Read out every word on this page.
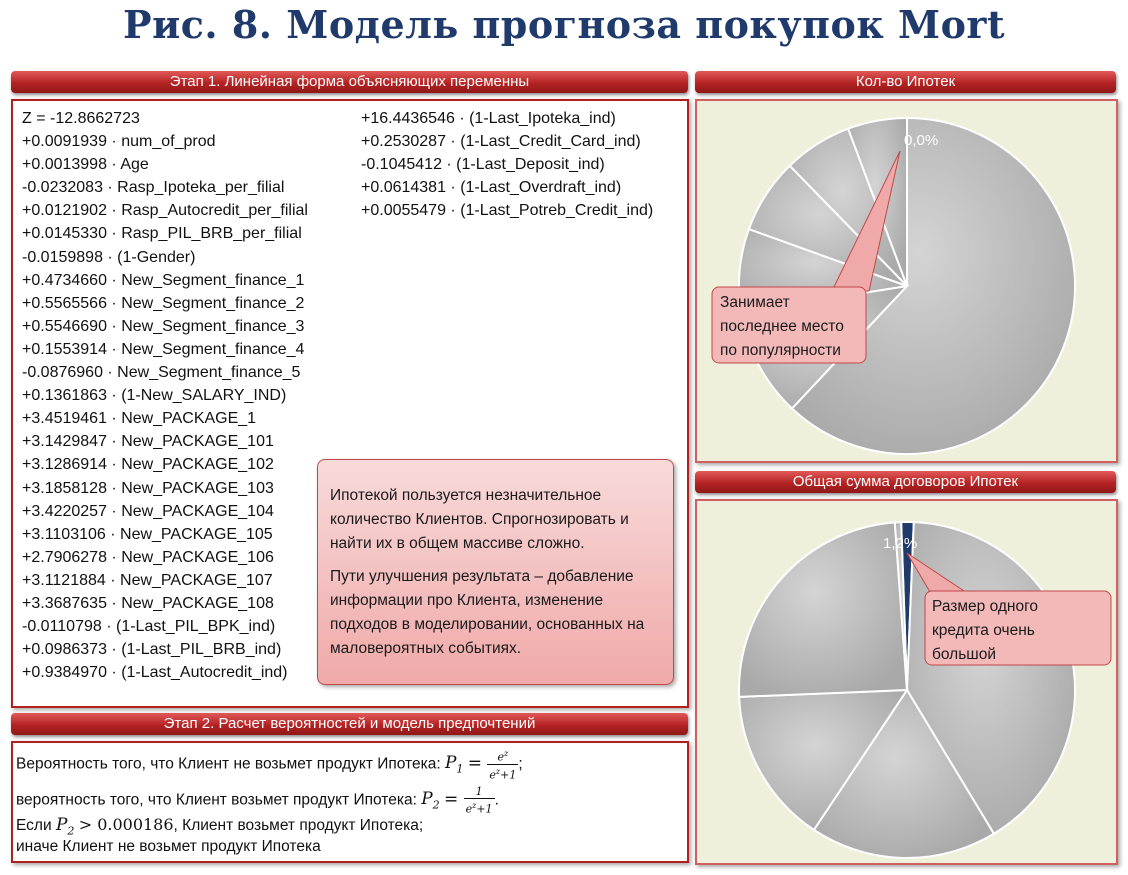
Рис. 8. Модель прогноза покупок Mort
Этап 1. Линейная форма объясняющих переменны
Z = -12.8662723
+0.0091939 · num_of_prod
+0.0013998 · Age
-0.0232083 · Rasp_Ipoteka_per_filial
+0.0121902 · Rasp_Autocredit_per_filial
+0.0145330 · Rasp_PIL_BRB_per_filial
-0.0159898 · (1-Gender)
+0.4734660 · New_Segment_finance_1
+0.5565566 · New_Segment_finance_2
+0.5546690 · New_Segment_finance_3
+0.1553914 · New_Segment_finance_4
-0.0876960 · New_Segment_finance_5
+0.1361863 · (1-New_SALARY_IND)
+3.4519461 · New_PACKAGE_1
+3.1429847 · New_PACKAGE_101
+3.1286914 · New_PACKAGE_102
+3.1858128 · New_PACKAGE_103
+3.4220257 · New_PACKAGE_104
+3.1103106 · New_PACKAGE_105
+2.7906278 · New_PACKAGE_106
+3.1121884 · New_PACKAGE_107
+3.3687635 · New_PACKAGE_108
-0.0110798 · (1-Last_PIL_BPK_ind)
+0.0986373 · (1-Last_PIL_BRB_ind)
+0.9384970 · (1-Last_Autocredit_ind)
+16.4436546 · (1-Last_Ipoteka_ind)
+0.2530287 · (1-Last_Credit_Card_ind)
-0.1045412 · (1-Last_Deposit_ind)
+0.0614381 · (1-Last_Overdraft_ind)
+0.0055479 · (1-Last_Potreb_Credit_ind)

Ипотекой пользуется незначительное количество Клиентов. Спрогнозировать и найти их в общем массиве сложно.

Пути улучшения результата – добавление информации про Клиента, изменение подходов в моделировании, основанных на маловероятных событиях.

Этап 2. Расчет вероятностей и модель предпочтений
Вероятность того, что Клиент не возьмет продукт Ипотека: $P_1 = \frac{e^z}{e^z+1}$ ;
вероятность того, что Клиент возьмет продукт Ипотека: $P_2 = \frac{1}{e^z+1}$ .
Если $P_2 > 0.000186$, Клиент возьмет продукт Ипотека;
иначе Клиент не возьмет продукт Ипотека
Кол-во Ипотек
Занимает
последнее место
по популярности
0,0%
Общая сумма договоров Ипотек
Размер одного
кредита очень
большой
1,2%
